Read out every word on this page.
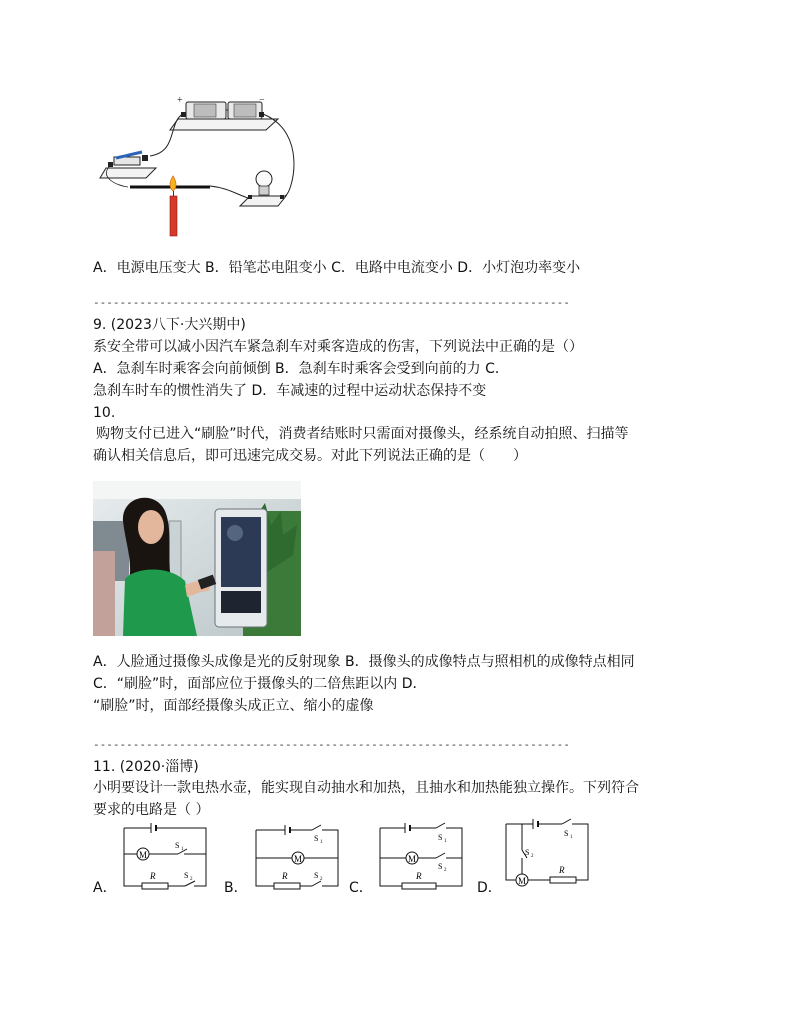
+	−
A．电源电压变大 B．铅笔芯电阻变小 C．电路中电流变小 D．小灯泡功率变小
------------------------------------------------------------------------
9. (2023八下·大兴期中)
系安全带可以减小因汽车紧急刹车对乘客造成的伤害，下列说法中正确的是（）
A．急刹车时乘客会向前倾倒 B．急刹车时乘客会受到向前的力 C．
急刹车时车的惯性消失了 D．车减速的过程中运动状态保持不变
10.
购物支付已进入“刷脸”时代，消费者结账时只需面对摄像头，经系统自动拍照、扫描等
确认相关信息后，即可迅速完成交易。对此下列说法正确的是（　　）
A．人脸通过摄像头成像是光的反射现象 B．摄像头的成像特点与照相机的成像特点相同
C．“刷脸”时，面部应位于摄像头的二倍焦距以内 D．
“刷脸”时，面部经摄像头成正立、缩小的虚像
------------------------------------------------------------------------
11. (2020·淄博)
小明要设计一款电热水壶，能实现自动抽水和加热，且抽水和加热能独立操作。下列符合
要求的电路是（ ）
A．
M
R
S 1
S 2
B．
M
R
S 1
S 2
C．
M
R
S 1
S 2
D． M
R
S 1
S 2
